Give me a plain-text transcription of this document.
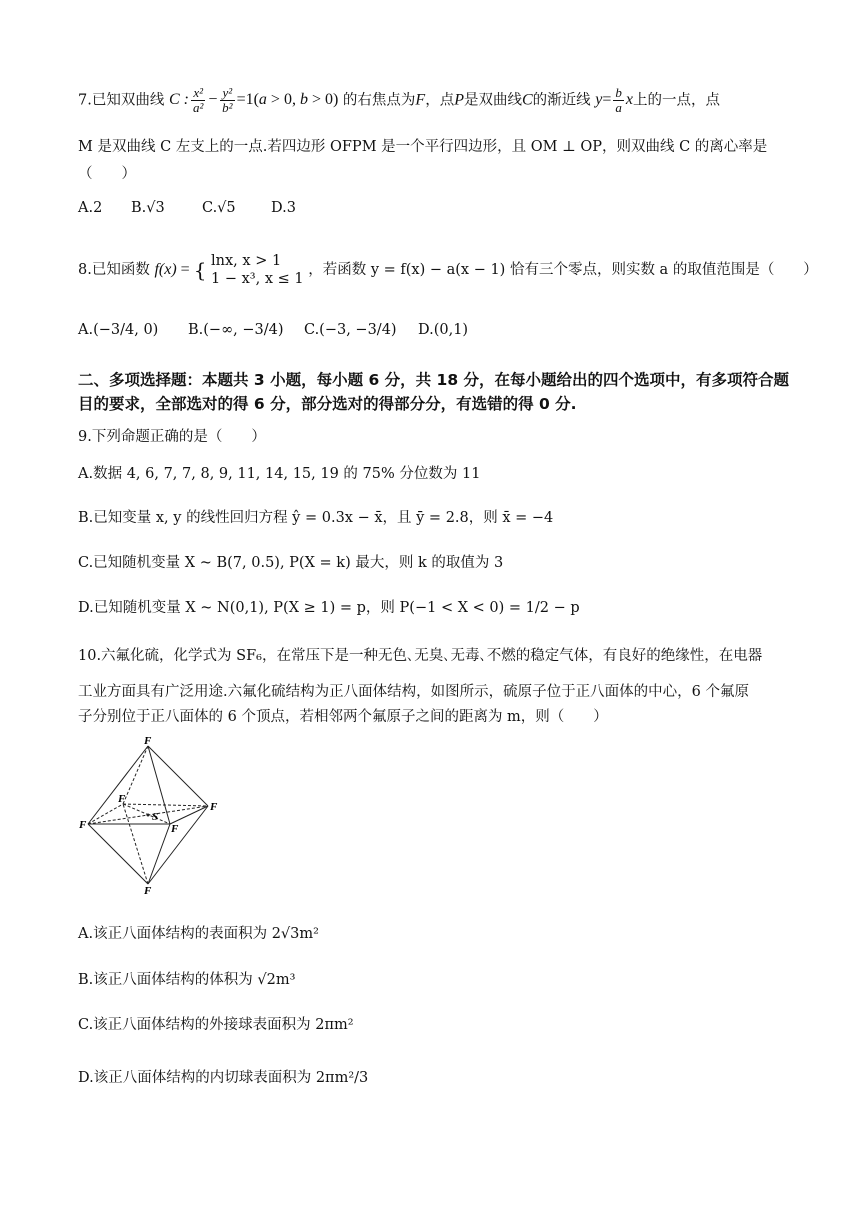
7.已知双曲线 C : $\frac{\text{x²}}{\text{a²}} - \frac{\text{y²}}{\text{b²}} =1(a > 0$, b > 0) 的右焦点为F，点P是双曲线C的渐近线 $y= \frac{b}{a}$ x上的一点，点
M 是双曲线 C 左支上的一点.若四边形 OFPM 是一个平行四边形，且 OM ⊥ OP，则双曲线 C 的离心率是
（　　）
A.2 B.√3	C.√5 D.3
8.已知函数 f(x) = { lnx, x > 1
1 − x³, x ≤ 1
，若函数 y = f(x) − a(x − 1) 恰有三个零点，则实数 a 的取值范围是（　　）
A.(−3/4, 0) B.(−∞, −3/4) C.(−3, −3/4) D.(0,1)
二、多项选择题：本题共 3 小题，每小题 6 分，共 18 分，在每小题给出的四个选项中，有多项符合题目的要求，全部选对的得 6 分，部分选对的得部分分，有选错的得 0 分.
9.下列命题正确的是（　　）
A.数据 4, 6, 7, 7, 8, 9, 11, 14, 15, 19 的 75% 分位数为 11
B.已知变量 x, y 的线性回归方程 ŷ = 0.3x − x̄，且 ȳ = 2.8，则 x̄ = −4
C.已知随机变量 X ~ B(7, 0.5), P(X = k) 最大，则 k 的取值为 3
D.已知随机变量 X ~ N(0,1), P(X ≥ 1) = p，则 P(−1 < X < 0) = 1/2 − p
10.六氟化硫，化学式为 SF₆，在常压下是一种无色､无臭､无毒､不燃的稳定气体，有良好的绝缘性，在电器
工业方面具有广泛用途.六氟化硫结构为正八面体结构，如图所示，硫原子位于正八面体的中心，6 个氟原
子分别位于正八面体的 6 个顶点，若相邻两个氟原子之间的距离为 m，则（　　）
F
F
F
F
F
F
S
A.该正八面体结构的表面积为 2√3m²
B.该正八面体结构的体积为 √2m³
C.该正八面体结构的外接球表面积为 2πm²
D.该正八面体结构的内切球表面积为 2πm²/3
